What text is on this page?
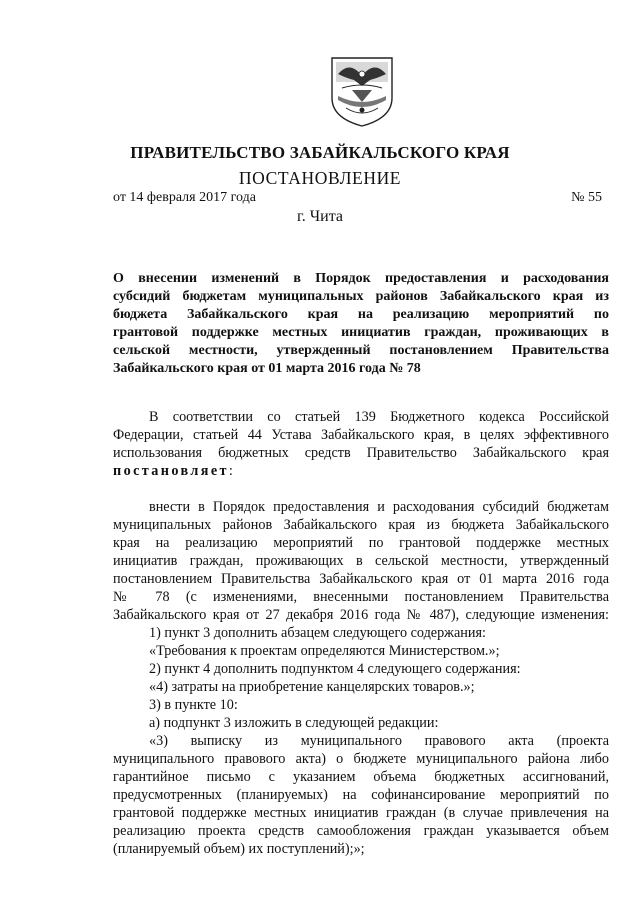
ПРАВИТЕЛЬСТВО ЗАБАЙКАЛЬСКОГО КРАЯ
ПОСТАНОВЛЕНИЕ
от 14 февраля 2017 года	№ 55
г. Чита
О внесении изменений в Порядок предоставления и расходования
субсидий бюджетам муниципальных районов Забайкальского края из
бюджета Забайкальского края на реализацию мероприятий по
грантовой поддержке местных инициатив граждан, проживающих в
сельской местности, утвержденный постановлением Правительства
Забайкальского края от 01 марта 2016 года № 78
В соответствии со статьей 139 Бюджетного кодекса Российской
Федерации, статьей 44 Устава Забайкальского края, в целях эффективного
использования бюджетных средств Правительство Забайкальского края
постановляет:
внести в Порядок предоставления и расходования субсидий бюджетам
муниципальных районов Забайкальского края из бюджета Забайкальского
края на реализацию мероприятий по грантовой поддержке местных
инициатив граждан, проживающих в сельской местности, утвержденный
постановлением Правительства Забайкальского края от 01 марта 2016 года
№ 78 (с изменениями, внесенными постановлением Правительства
Забайкальского края от 27 декабря 2016 года № 487), следующие изменения:
1) пункт 3 дополнить абзацем следующего содержания:
«Требования к проектам определяются Министерством.»;
2) пункт 4 дополнить подпунктом 4 следующего содержания:
«4) затраты на приобретение канцелярских товаров.»;
3) в пункте 10:
а) подпункт 3 изложить в следующей редакции:
«3) выписку из муниципального правового акта (проекта
муниципального правового акта) о бюджете муниципального района либо
гарантийное письмо с указанием объема бюджетных ассигнований,
предусмотренных (планируемых) на софинансирование мероприятий по
грантовой поддержке местных инициатив граждан (в случае привлечения на
реализацию проекта средств самообложения граждан указывается объем
(планируемый объем) их поступлений);»;
